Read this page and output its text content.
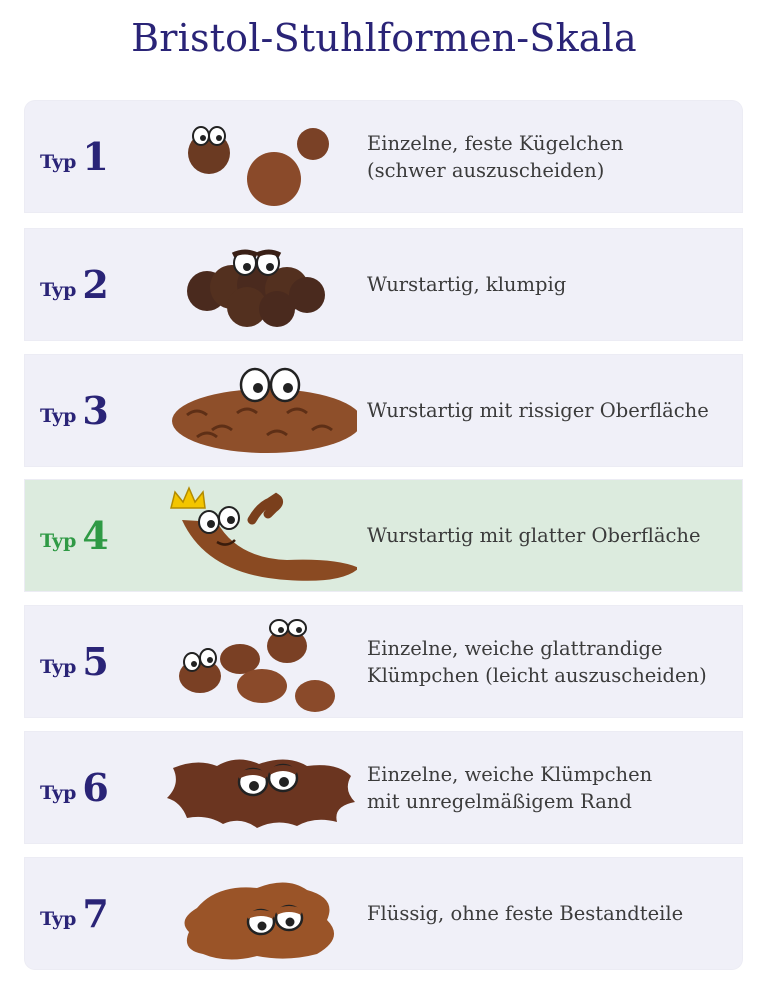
Bristol-Stuhlformen-Skala
Typ 1	Einzelne, feste Kügelchen
(schwer auszuscheiden)
Typ 2	Wurstartig, klumpig
Typ 3	Wurstartig mit rissiger Oberfläche
Typ 4	Wurstartig mit glatter Oberfläche
Typ 5	Einzelne, weiche glattrandige
Klümpchen (leicht auszuscheiden)
Typ 6	Einzelne, weiche Klümpchen
mit unregelmäßigem Rand
Typ 7	Flüssig, ohne feste Bestandteile
